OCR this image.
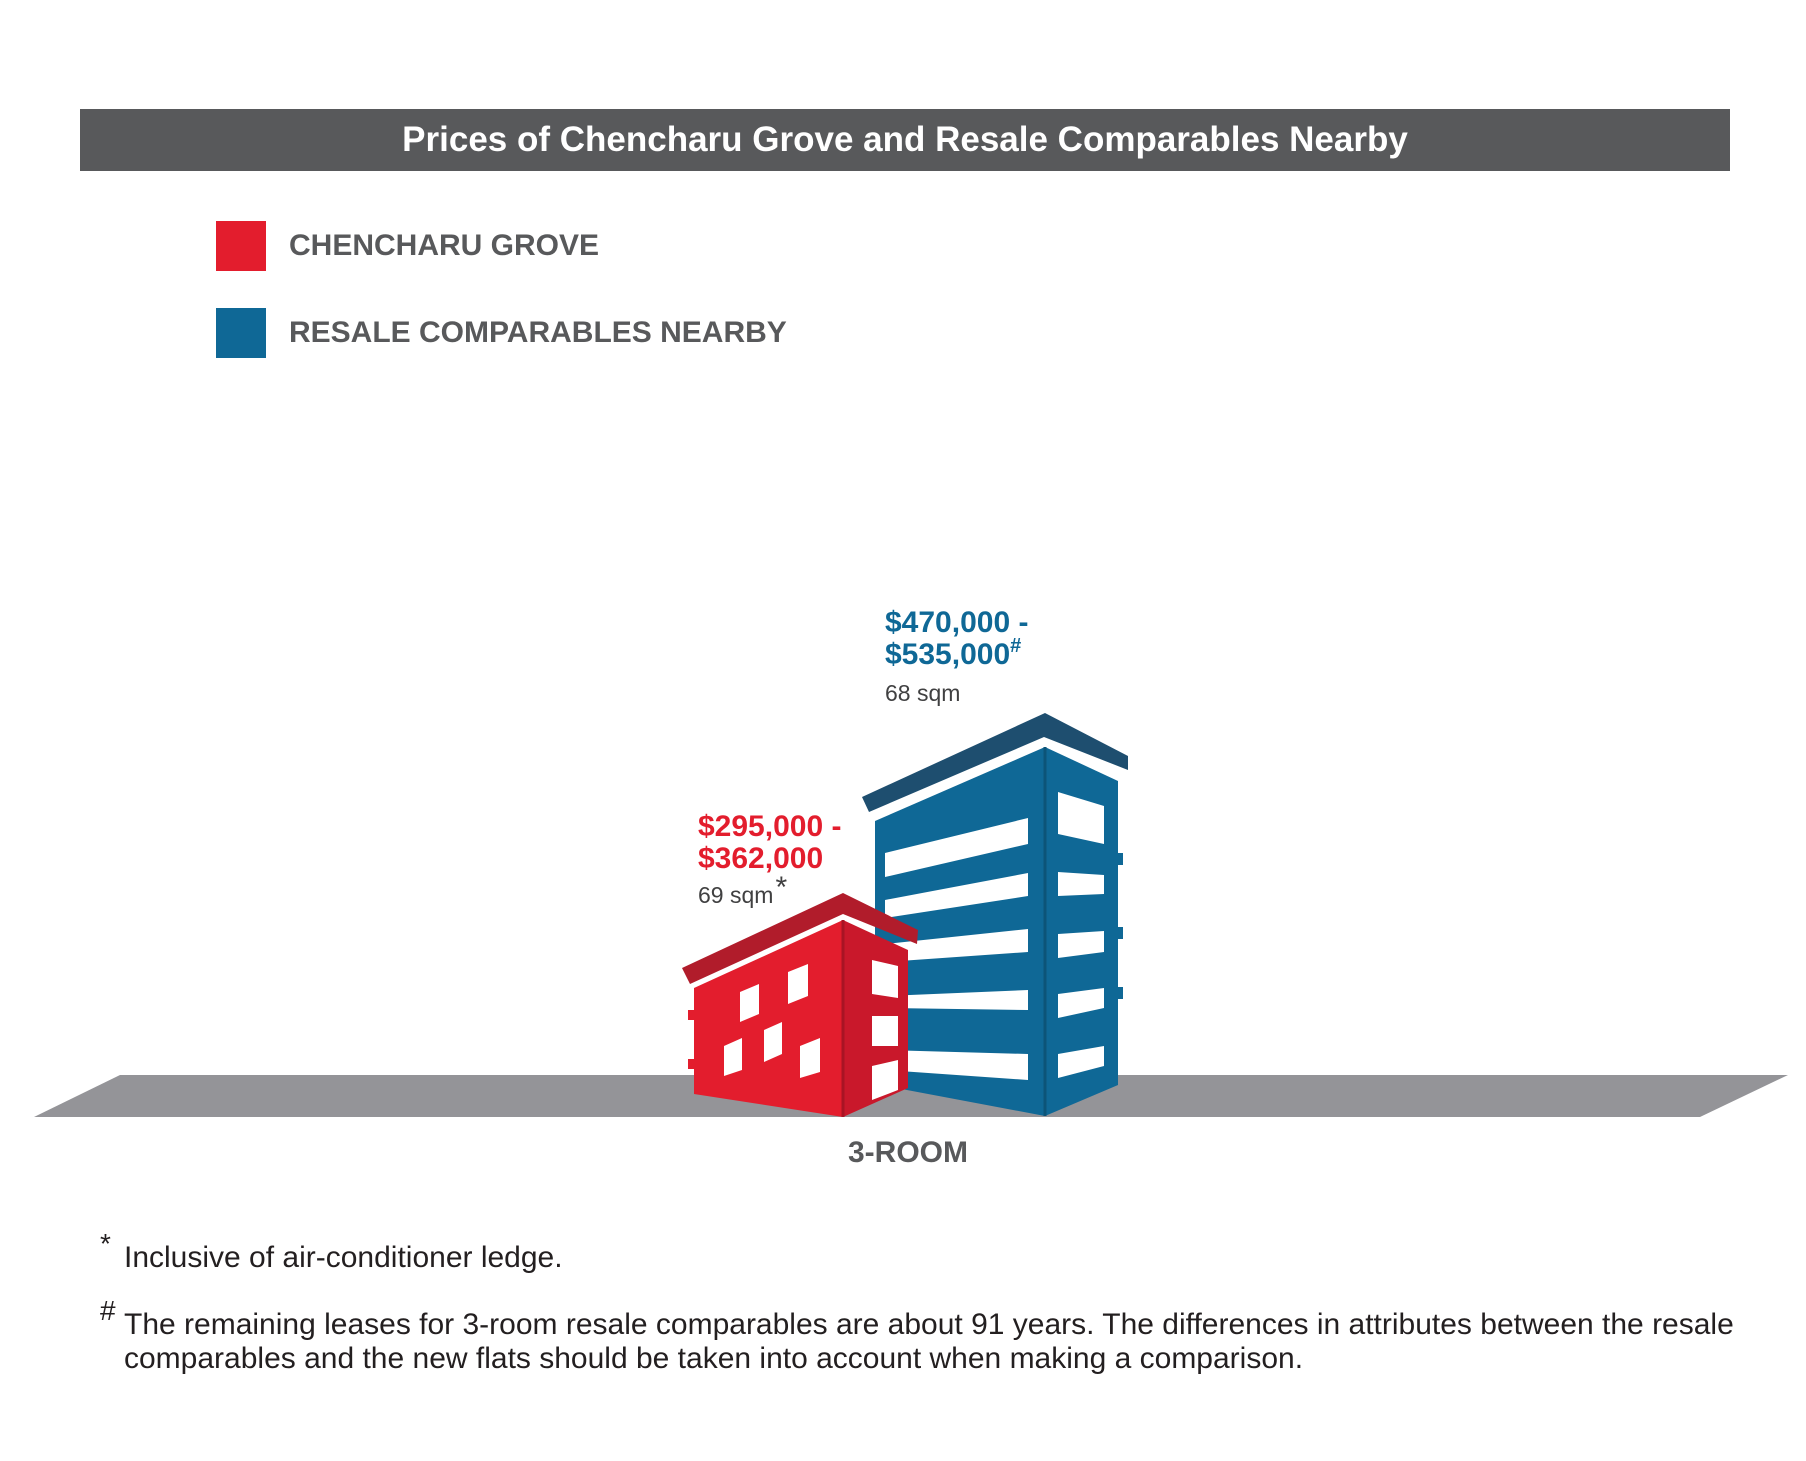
Prices of Chencharu Grove and Resale Comparables Nearby
CHENCHARU GROVE
RESALE COMPARABLES NEARBY
$295,000 -
$362,000
69 sqm*
$470,000 -
$535,000#
68 sqm
3-ROOM
* Inclusive of air-conditioner ledge.
# The remaining leases for 3-room resale comparables are about 91 years. The differences in attributes between the resale comparables and the new flats should be taken into account when making a comparison.
